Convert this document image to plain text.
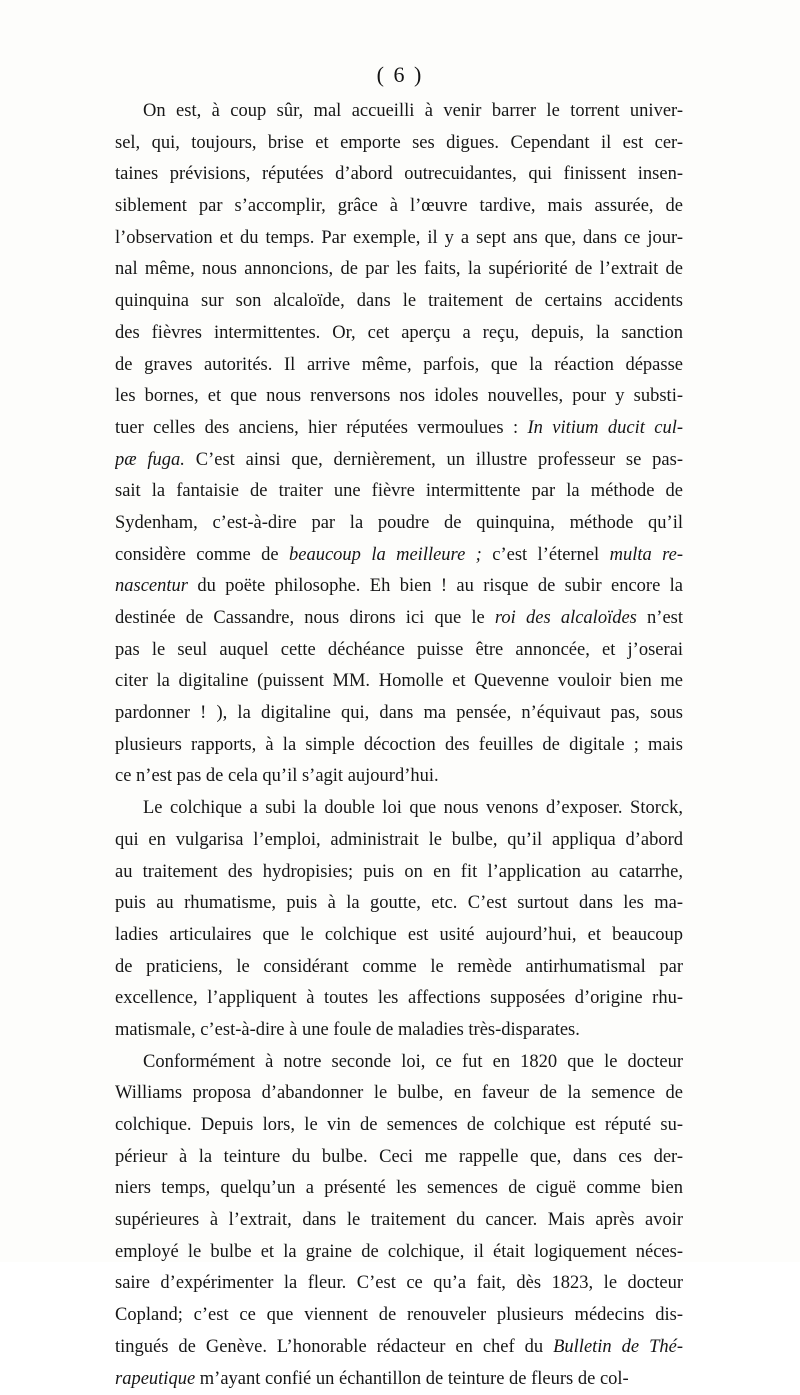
( 6 )

On est, à coup sûr, mal accueilli à venir barrer le torrent univer-
sel, qui, toujours, brise et emporte ses digues. Cependant il est cer-
taines prévisions, réputées d’abord outrecuidantes, qui finissent insen-
siblement par s’accomplir, grâce à l’œuvre tardive, mais assurée, de
l’observation et du temps. Par exemple, il y a sept ans que, dans ce jour-
nal même, nous annoncions, de par les faits, la supériorité de l’extrait de
quinquina sur son alcaloïde, dans le traitement de certains accidents
des fièvres intermittentes. Or, cet aperçu a reçu, depuis, la sanction
de graves autorités. Il arrive même, parfois, que la réaction dépasse
les bornes, et que nous renversons nos idoles nouvelles, pour y substi-
tuer celles des anciens, hier réputées vermoulues : In vitium ducit cul-
pæ fuga. C’est ainsi que, dernièrement, un illustre professeur se pas-
sait la fantaisie de traiter une fièvre intermittente par la méthode de
Sydenham, c’est-à-dire par la poudre de quinquina, méthode qu’il
considère comme de beaucoup la meilleure ; c’est l’éternel multa re-
nascentur du poëte philosophe. Eh bien ! au risque de subir encore la
destinée de Cassandre, nous dirons ici que le roi des alcaloïdes n’est
pas le seul auquel cette déchéance puisse être annoncée, et j’oserai
citer la digitaline (puissent MM. Homolle et Quevenne vouloir bien me
pardonner ! ), la digitaline qui, dans ma pensée, n’équivaut pas, sous
plusieurs rapports, à la simple décoction des feuilles de digitale ; mais
ce n’est pas de cela qu’il s’agit aujourd’hui.
Le colchique a subi la double loi que nous venons d’exposer. Storck,
qui en vulgarisa l’emploi, administrait le bulbe, qu’il appliqua d’abord
au traitement des hydropisies; puis on en fit l’application au catarrhe,
puis au rhumatisme, puis à la goutte, etc. C’est surtout dans les ma-
ladies articulaires que le colchique est usité aujourd’hui, et beaucoup
de praticiens, le considérant comme le remède antirhumatismal par
excellence, l’appliquent à toutes les affections supposées d’origine rhu-
matismale, c’est-à-dire à une foule de maladies très-disparates.
Conformément à notre seconde loi, ce fut en 1820 que le docteur
Williams proposa d’abandonner le bulbe, en faveur de la semence de
colchique. Depuis lors, le vin de semences de colchique est réputé su-
périeur à la teinture du bulbe. Ceci me rappelle que, dans ces der-
niers temps, quelqu’un a présenté les semences de ciguë comme bien
supérieures à l’extrait, dans le traitement du cancer. Mais après avoir
employé le bulbe et la graine de colchique, il était logiquement néces-
saire d’expérimenter la fleur. C’est ce qu’a fait, dès 1823, le docteur
Copland; c’est ce que viennent de renouveler plusieurs médecins dis-
tingués de Genève. L’honorable rédacteur en chef du Bulletin de Thé-
rapeutique m’ayant confié un échantillon de teinture de fleurs de col-
